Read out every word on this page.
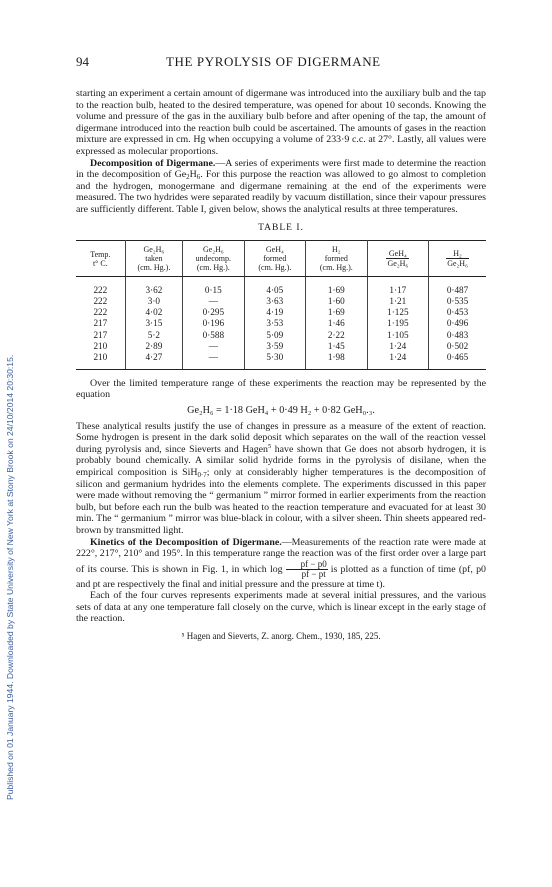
Published on 01 January 1944. Downloaded by State University of New York at Stony Brook on 24/10/2014 20:30:15.
94	THE PYROLYSIS OF DIGERMANE

starting an experiment a certain amount of digermane was introduced into the auxiliary bulb and the tap to the reaction bulb, heated to the desired temperature, was opened for about 10 seconds. Knowing the volume and pressure of the gas in the auxiliary bulb before and after opening of the tap, the amount of digermane introduced into the reaction bulb could be ascertained. The amounts of gases in the reaction mixture are expressed in cm. Hg when occupying a volume of 233·9 c.c. at 27°. Lastly, all values were expressed as molecular proportions.

Decomposition of Digermane.—A series of experiments were first made to determine the reaction in the decomposition of $Ge_2H_6$. For this purpose the reaction was allowed to go almost to completion and the hydrogen, monogermane and digermane remaining at the end of the experiments were measured. The two hydrides were separated readily by vacuum distillation, since their vapour pressures are sufficiently different. Table I, given below, shows the analytical results at three temperatures.

TABLE I.
Temp.
t° C.	Ge₂H₆
taken
(cm. Hg.).	Ge₂H₆
undecomp.
(cm. Hg.).	GeH₄
formed
(cm. Hg.).	H₂
formed
(cm. Hg.).	$\frac{\text{GeH₄}}{\text{Ge₂H₆}}$	$\frac{\text{H₂}}{\text{Ge₂H₆}}$

222	3·62	0·15	4·05	1·69	1·17	0·487
222	3·0	—	3·63	1·60	1·21	0·535
222	4·02	0·295	4·19	1·69	1·125	0·453
217	3·15	0·196	3·53	1·46	1·195	0·496
217	5·2	0·588	5·09	2·22	1·105	0·483
210	2·89	—	3·59	1·45	1·24	0·502
210	4·27	—	5·30	1·98	1·24	0·465

Over the limited temperature range of these experiments the reaction may be represented by the equation

Ge₂H₆ = 1·18 GeH₄ + 0·49 H₂ + 0·82 GeH₀.₃.

These analytical results justify the use of changes in pressure as a measure of the extent of reaction. Some hydrogen is present in the dark solid deposit which separates on the wall of the reaction vessel during pyrolysis and, since Sieverts and Hagen$^5$ have shown that Ge does not absorb hydrogen, it is probably bound chemically. A similar solid hydride forms in the pyrolysis of disilane, when the empirical composition is SiH$_{0\cdot 7}$; only at considerably higher temperatures is the decomposition of silicon and germanium hydrides into the elements complete. The experiments discussed in this paper were made without removing the “ germanium ” mirror formed in earlier experiments from the reaction bulb, but before each run the bulb was heated to the reaction temperature and evacuated for at least 30 min. The “ germanium ” mirror was blue-black in colour, with a silver sheen. Thin sheets appeared red-brown by transmitted light.

Kinetics of the Decomposition of Digermane.—Measurements of the reaction rate were made at 222°, 217°, 210° and 195°. In this temperature range the reaction was of the first order over a large part of its course. This is shown in Fig. 1, in which $\log \frac{pf - p0}{pf - pt}$ is plotted as a function of time (pf, p0 and pt are respectively the final and initial pressure and the pressure at time t).

Each of the four curves represents experiments made at several initial pressures, and the various sets of data at any one temperature fall closely on the curve, which is linear except in the early stage of the reaction.

⁵ Hagen and Sieverts, Z. anorg. Chem., 1930, 185, 225.
